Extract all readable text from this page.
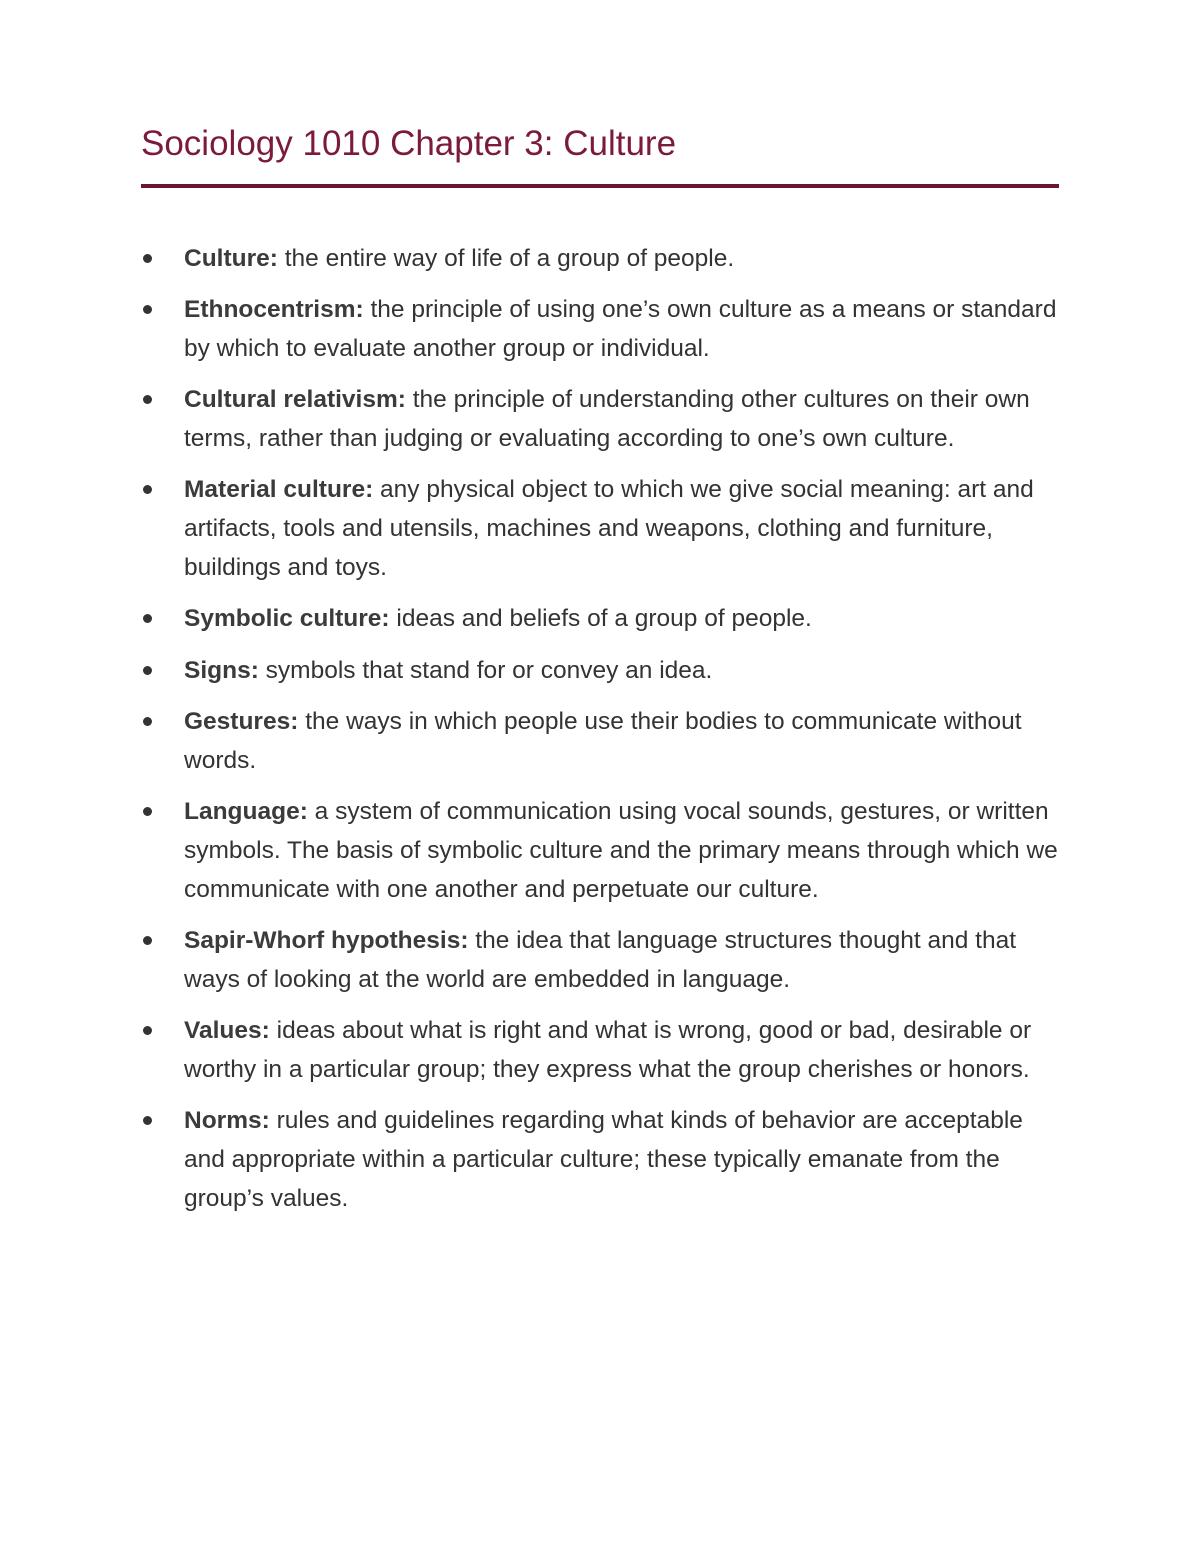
Sociology 1010 Chapter 3: Culture
Culture: the entire way of life of a group of people.
Ethnocentrism: the principle of using one’s own culture as a means or standard by which to evaluate another group or individual.
Cultural relativism: the principle of understanding other cultures on their own terms, rather than judging or evaluating according to one’s own culture.
Material culture: any physical object to which we give social meaning: art and artifacts, tools and utensils, machines and weapons, clothing and furniture, buildings and toys.
Symbolic culture: ideas and beliefs of a group of people.
Signs: symbols that stand for or convey an idea.
Gestures: the ways in which people use their bodies to communicate without words.
Language: a system of communication using vocal sounds, gestures, or written symbols. The basis of symbolic culture and the primary means through which we communicate with one another and perpetuate our culture.
Sapir-Whorf hypothesis: the idea that language structures thought and that ways of looking at the world are embedded in language.
Values: ideas about what is right and what is wrong, good or bad, desirable or worthy in a particular group; they express what the group cherishes or honors.
Norms: rules and guidelines regarding what kinds of behavior are acceptable and appropriate within a particular culture; these typically emanate from the group’s values.
